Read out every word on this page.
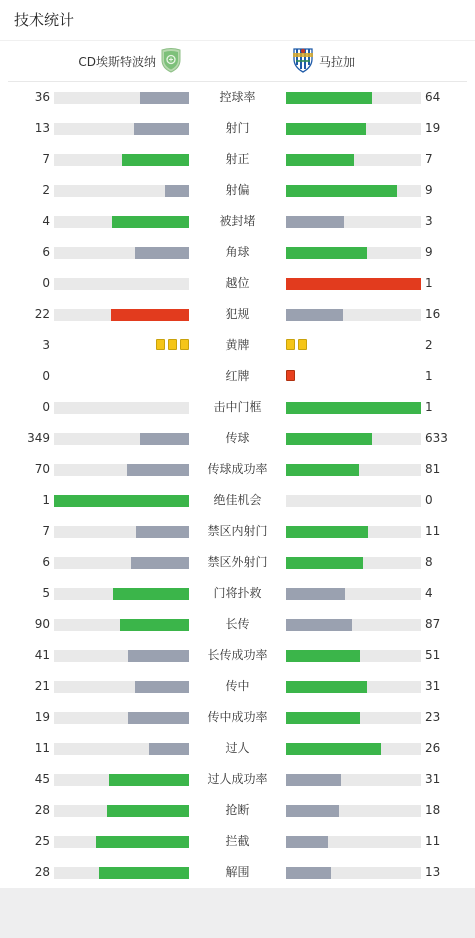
技术统计
CD埃斯特波纳	马拉加
36	控球率	64
13	射门	19
7	射正	7
2	射偏	9
4	被封堵	3
6	角球	9
0	越位	1
22	犯规	16
3	黄牌	2
0	红牌	1
0	击中门框	1
349	传球	633
70	传球成功率	81
1	绝佳机会	0
7	禁区内射门	11
6	禁区外射门	8
5	门将扑救	4
90	长传	87
41	长传成功率	51
21	传中	31
19	传中成功率	23
11	过人	26
45	过人成功率	31
28	抢断	18
25	拦截	11
28	解围	13
